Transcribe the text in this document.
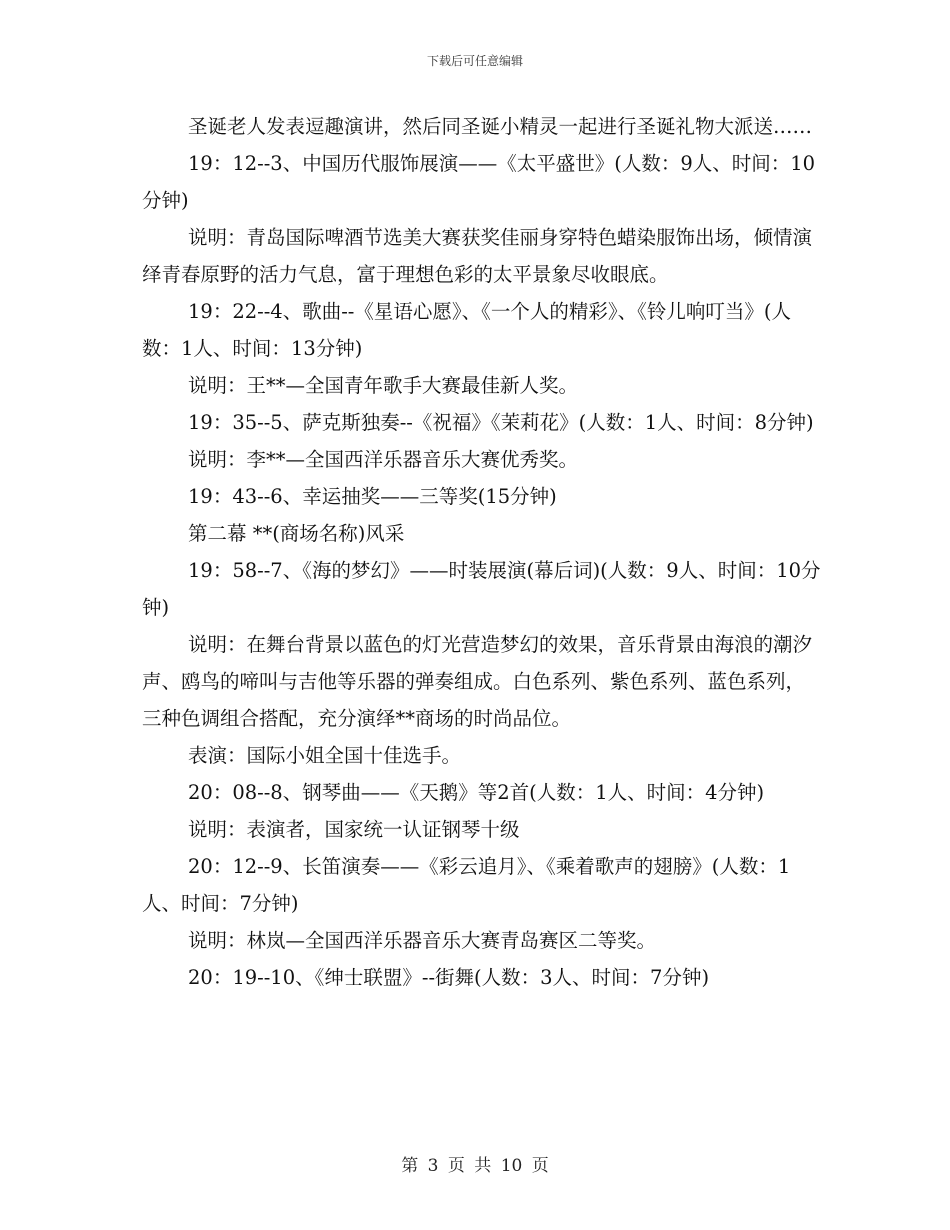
下载后可任意编辑

圣诞老人发表逗趣演讲，然后同圣诞小精灵一起进行圣诞礼物大派送……

19：12--3、中国历代服饰展演——《太平盛世》(人数：9人、时间：10分钟)

说明：青岛国际啤酒节选美大赛获奖佳丽身穿特色蜡染服饰出场，倾情演绎青春原野的活力气息，富于理想色彩的太平景象尽收眼底。

19：22--4、歌曲--《星语心愿》、《一个人的精彩》、《铃儿响叮当》(人数：1人、时间：13分钟)

说明：王**—全国青年歌手大赛最佳新人奖。

19：35--5、萨克斯独奏--《祝福》《茉莉花》(人数：1人、时间：8分钟)

说明：李**—全国西洋乐器音乐大赛优秀奖。

19：43--6、幸运抽奖——三等奖(15分钟)

第二幕 **(商场名称)风采

19：58--7、《海的梦幻》——时装展演(幕后词)(人数：9人、时间：10分钟)

说明：在舞台背景以蓝色的灯光营造梦幻的效果，音乐背景由海浪的潮汐声、鸥鸟的啼叫与吉他等乐器的弹奏组成。白色系列、紫色系列、蓝色系列，三种色调组合搭配，充分演绎**商场的时尚品位。

表演：国际小姐全国十佳选手。

20：08--8、钢琴曲——《天鹅》等2首(人数：1人、时间：4分钟)

说明：表演者，国家统一认证钢琴十级

20：12--9、长笛演奏——《彩云追月》、《乘着歌声的翅膀》(人数：1人、时间：7分钟)

说明：林岚—全国西洋乐器音乐大赛青岛赛区二等奖。

20：19--10、《绅士联盟》--街舞(人数：3人、时间：7分钟)

第 3 页 共 10 页
